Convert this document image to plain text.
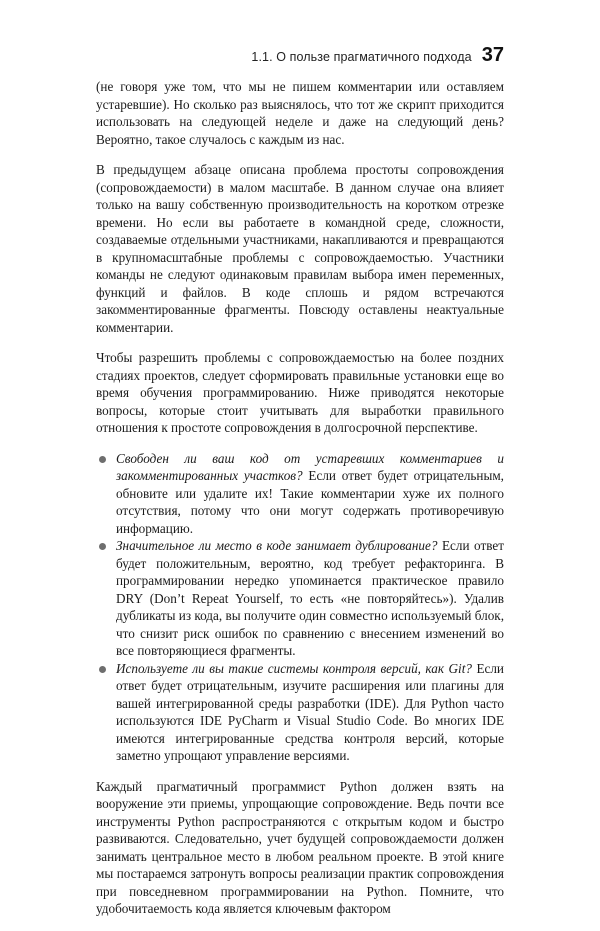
1.1. О пользе прагматичного подхода 37

(не говоря уже том, что мы не пишем комментарии или оставляем устаревшие). Но сколько раз выяснялось, что тот же скрипт приходится использовать на следующей неделе и даже на следующий день? Вероятно, такое случалось с каждым из нас.

В предыдущем абзаце описана проблема простоты сопровождения (сопровождаемости) в малом масштабе. В данном случае она влияет только на вашу собственную производительность на коротком отрезке времени. Но если вы работаете в командной среде, сложности, создаваемые отдельными участниками, накапливаются и превращаются в крупномасштабные проблемы с сопровождаемостью. Участники команды не следуют одинаковым правилам выбора имен переменных, функций и файлов. В коде сплошь и рядом встречаются закомментированные фрагменты. Повсюду оставлены неактуальные комментарии.

Чтобы разрешить проблемы с сопровождаемостью на более поздних стадиях проектов, следует сформировать правильные установки еще во время обучения программированию. Ниже приводятся некоторые вопросы, которые стоит учитывать для выработки правильного отношения к простоте сопровождения в долгосрочной перспективе.

Свободен ли ваш код от устаревших комментариев и закомментированных участков? Если ответ будет отрицательным, обновите или удалите их! Такие комментарии хуже их полного отсутствия, потому что они могут содержать противоречивую информацию.
Значительное ли место в коде занимает дублирование? Если ответ будет положительным, вероятно, код требует рефакторинга. В программировании нередко упоминается практическое правило DRY (Don’t Repeat Yourself, то есть «не повторяйтесь»). Удалив дубликаты из кода, вы получите один совместно используемый блок, что снизит риск ошибок по сравнению с внесением изменений во все повторяющиеся фрагменты.
Используете ли вы такие системы контроля версий, как Git? Если ответ будет отрицательным, изучите расширения или плагины для вашей интегрированной среды разработки (IDE). Для Python часто используются IDE PyCharm и Visual Studio Code. Во многих IDE имеются интегрированные средства контроля версий, которые заметно упрощают управление версиями.

Каждый прагматичный программист Python должен взять на вооружение эти приемы, упрощающие сопровождение. Ведь почти все инструменты Python распространяются с открытым кодом и быстро развиваются. Следовательно, учет будущей сопровождаемости должен занимать центральное место в любом реальном проекте. В этой книге мы постараемся затронуть вопросы реализации практик сопровождения при повседневном программировании на Python. Помните, что удобочитаемость кода является ключевым фактором
